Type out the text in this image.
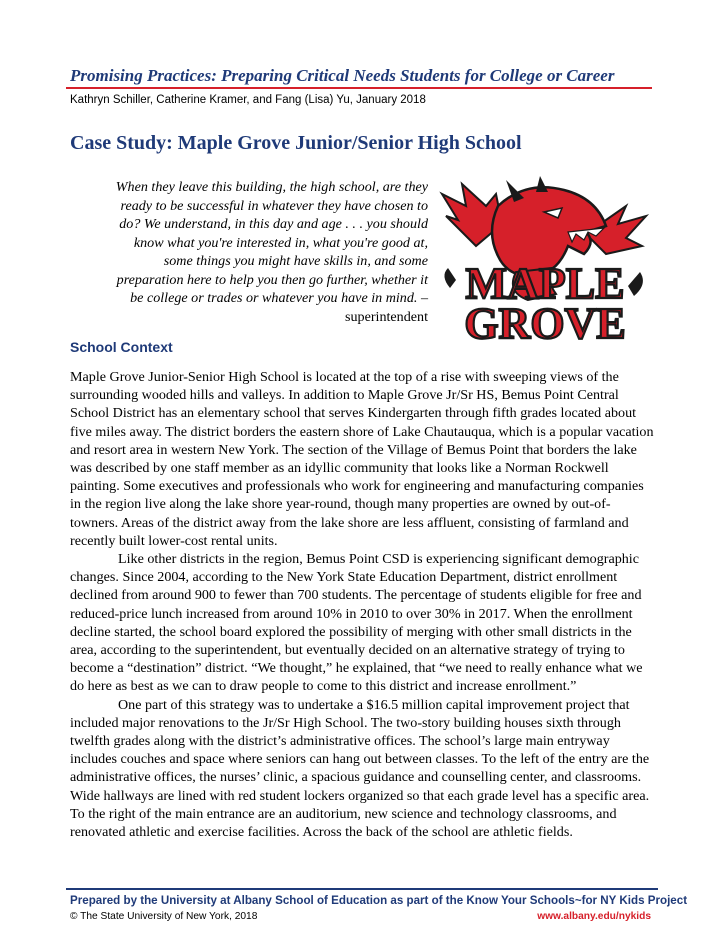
Promising Practices: Preparing Critical Needs Students for College or Career
Kathryn Schiller, Catherine Kramer, and Fang (Lisa) Yu, January 2018
Case Study: Maple Grove Junior/Senior High School
When they leave this building, the high school, are they
ready to be successful in whatever they have chosen to
do? We understand, in this day and age . . . you should
know what you're interested in, what you're good at,
some things you might have skills in, and some
preparation here to help you then go further, whether it
be college or trades or whatever you have in mind. –
superintendent
MAPLE
GROVE
School Context

Maple Grove Junior-Senior High School is located at the top of a rise with sweeping views of the surrounding wooded hills and valleys. In addition to Maple Grove Jr/Sr HS, Bemus Point Central School District has an elementary school that serves Kindergarten through fifth grades located about five miles away. The district borders the eastern shore of Lake Chautauqua, which is a popular vacation and resort area in western New York. The section of the Village of Bemus Point that borders the lake was described by one staff member as an idyllic community that looks like a Norman Rockwell painting. Some executives and professionals who work for engineering and manufacturing companies in the region live along the lake shore year-round, though many properties are owned by out-of-towners. Areas of the district away from the lake shore are less affluent, consisting of farmland and recently built lower-cost rental units.

Like other districts in the region, Bemus Point CSD is experiencing significant demographic changes. Since 2004, according to the New York State Education Department, district enrollment declined from around 900 to fewer than 700 students. The percentage of students eligible for free and reduced-price lunch increased from around 10% in 2010 to over 30% in 2017. When the enrollment decline started, the school board explored the possibility of merging with other small districts in the area, according to the superintendent, but eventually decided on an alternative strategy of trying to become a “destination” district. “We thought,” he explained, that “we need to really enhance what we do here as best as we can to draw people to come to this district and increase enrollment.”

One part of this strategy was to undertake a $16.5 million capital improvement project that included major renovations to the Jr/Sr High School. The two-story building houses sixth through twelfth grades along with the district’s administrative offices. The school’s large main entryway includes couches and space where seniors can hang out between classes. To the left of the entry are the administrative offices, the nurses’ clinic, a spacious guidance and counselling center, and classrooms. Wide hallways are lined with red student lockers organized so that each grade level has a specific area. To the right of the main entrance are an auditorium, new science and technology classrooms, and renovated athletic and exercise facilities. Across the back of the school are athletic fields.

Prepared by the University at Albany School of Education as part of the Know Your Schools~for NY Kids Project
© The State University of New York, 2018	www.albany.edu/nykids
